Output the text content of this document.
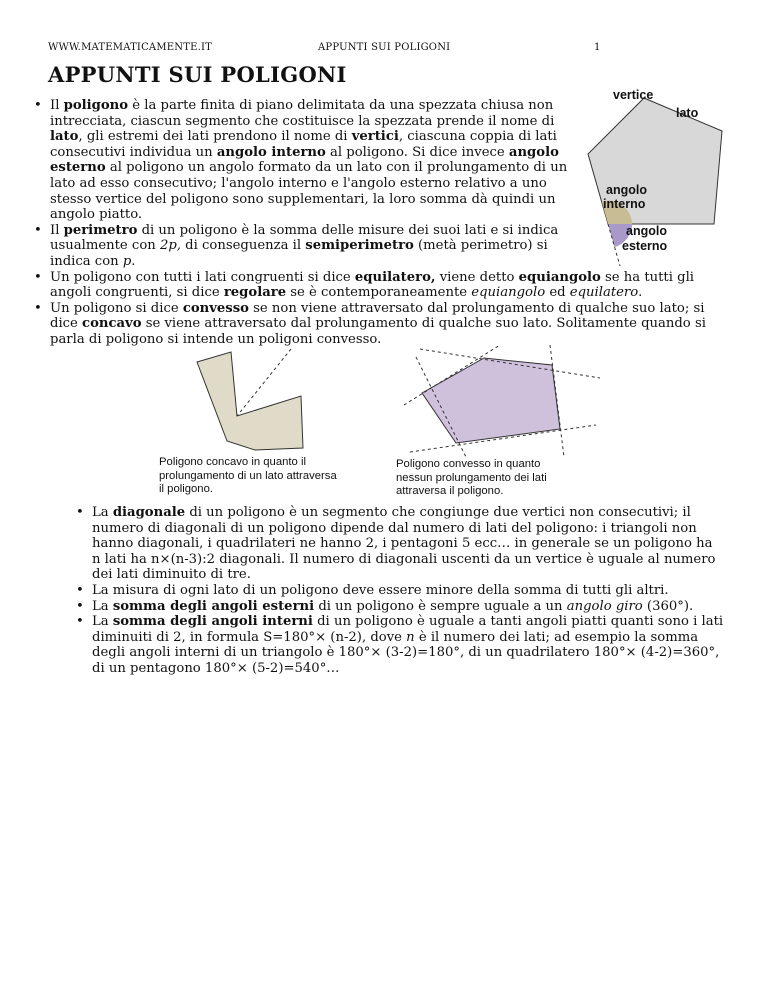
WWW.MATEMATICAMENTE.IT	APPUNTI SUI POLIGONI	1
APPUNTI SUI POLIGONI
vertice
lato
angolo
interno
angolo
esterno
• Il poligono è la parte finita di piano delimitata da una spezzata chiusa non intrecciata, ciascun segmento che costituisce la spezzata prende il nome di lato, gli estremi dei lati prendono il nome di vertici, ciascuna coppia di lati consecutivi individua un angolo interno al poligono. Si dice invece angolo esterno al poligono un angolo formato da un lato con il prolungamento di un lato ad esso consecutivo; l'angolo interno e l'angolo esterno relativo a uno stesso vertice del poligono sono supplementari, la loro somma dà quindi un angolo piatto.
• Il perimetro di un poligono è la somma delle misure dei suoi lati e si indica usualmente con 2p, di conseguenza il semiperimetro (metà perimetro) si indica con p.
• Un poligono con tutti i lati congruenti si dice equilatero, viene detto equiangolo se ha tutti gli angoli congruenti, si dice regolare se è contemporaneamente equiangolo ed equilatero.
• Un poligono si dice convesso se non viene attraversato dal prolungamento di qualche suo lato; si dice concavo se viene attraversato dal prolungamento di qualche suo lato. Solitamente quando si parla di poligono si intende un poligoni convesso.
Poligono concavo in quanto il
prolungamento di un lato attraversa
il poligono.
Poligono convesso in quanto
nessun prolungamento dei lati
attraversa il poligono.
• La diagonale di un poligono è un segmento che congiunge due vertici non consecutivi; il numero di diagonali di un poligono dipende dal numero di lati del poligono: i triangoli non hanno diagonali, i quadrilateri ne hanno 2, i pentagoni 5 ecc… in generale se un poligono ha n lati ha n×(n-3):2 diagonali. Il numero di diagonali uscenti da un vertice è uguale al numero dei lati diminuito di tre.
• La misura di ogni lato di un poligono deve essere minore della somma di tutti gli altri.
• La somma degli angoli esterni di un poligono è sempre uguale a un angolo giro (360°).
• La somma degli angoli interni di un poligono è uguale a tanti angoli piatti quanti sono i lati diminuiti di 2, in formula S=180°× (n-2), dove n è il numero dei lati; ad esempio la somma degli angoli interni di un triangolo è 180°× (3-2)=180°, di un quadrilatero 180°× (4-2)=360°, di un pentagono 180°× (5-2)=540°…
